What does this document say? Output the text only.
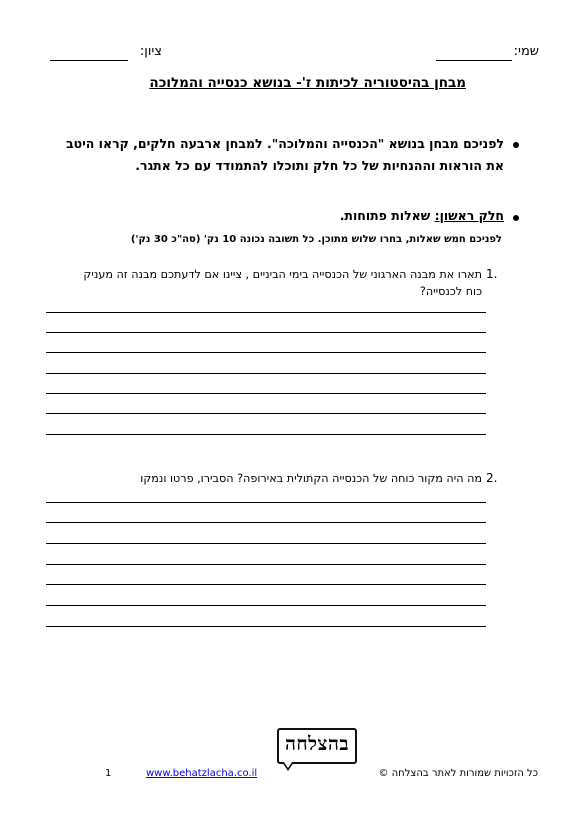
שמי:
ציון:
מבחן בהיסטוריה לכיתות ז'- בנושא כנסייה והמלוכה
לפניכם מבחן בנושא "הכנסייה והמלוכה". למבחן ארבעה חלקים, קראו היטב
את הוראות וההנחיות של כל חלק ותוכלו להתמודד עם כל אתגר.
חלק ראשון: שאלות פתוחות.
לפניכם חמש שאלות, בחרו שלוש מתוכן. כל תשובה נכונה 10 נק' (סה"כ 30 נק')
1.
תארו את מבנה הארגוני של הכנסייה בימי הביניים , ציינו אם לדעתכם מבנה זה מעניק
כוח לכנסייה?
2.
מה היה מקור כוחה של הכנסייה הקתולית באירופה? הסבירו, פרטו ונמקו
בהצלחה
כל הזכויות שמורות לאתר בהצלחה ©
www.behatzlacha.co.il
1
